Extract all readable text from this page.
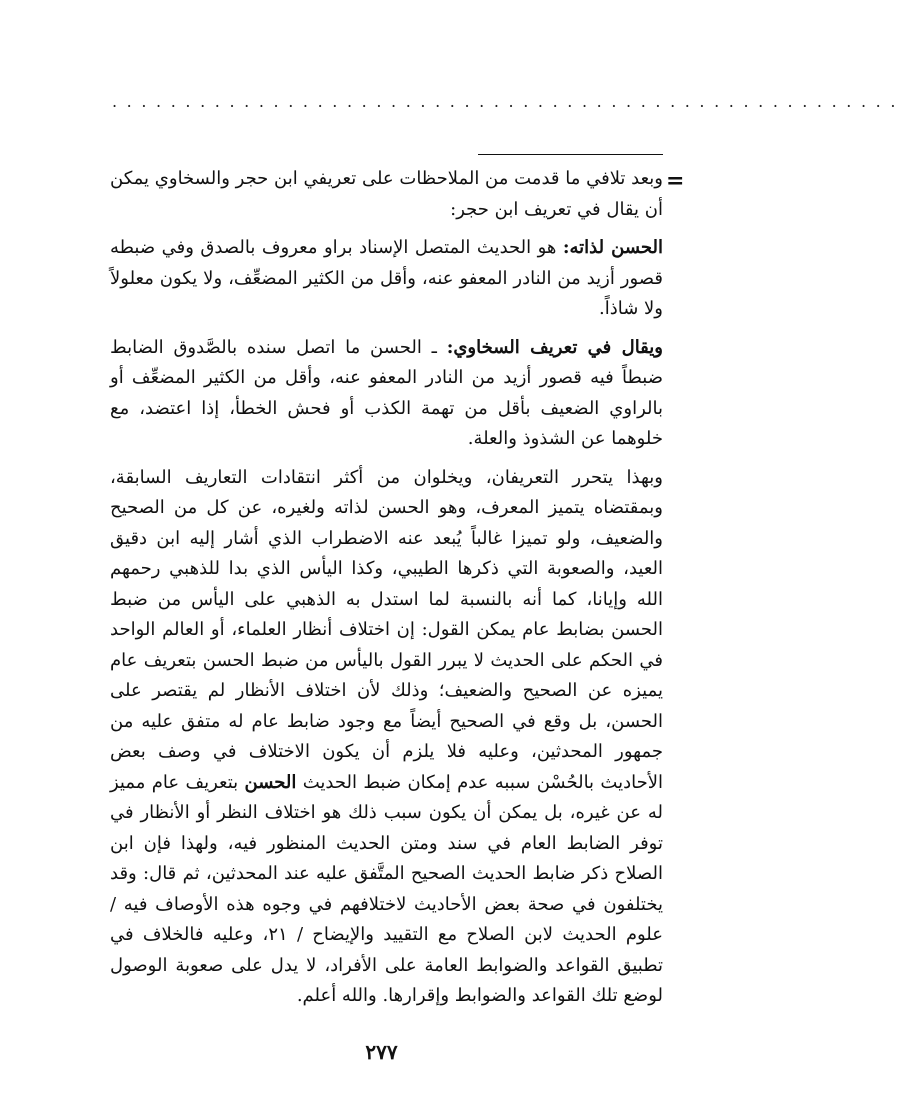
......................................................
=

وبعد تلافي ما قدمت من الملاحظات على تعريفي ابن حجر والسخاوي يمكن أن يقال في تعريف ابن حجر:

الحسن لذاته: هو الحديث المتصل الإسناد براو معروف بالصدق وفي ضبطه قصور أزيد من النادر المعفو عنه، وأقل من الكثير المضعِّف، ولا يكون معلولاً ولا شاذاً.

ويقال في تعريف السخاوي: ـ الحسن ما اتصل سنده بالصَّدوق الضابط ضبطاً فيه قصور أزيد من النادر المعفو عنه، وأقل من الكثير المضعِّف أو بالراوي الضعيف بأقل من تهمة الكذب أو فحش الخطأ، إذا اعتضد، مع خلوهما عن الشذوذ والعلة.

وبهذا يتحرر التعريفان، ويخلوان من أكثر انتقادات التعاريف السابقة، وبمقتضاه يتميز المعرف، وهو الحسن لذاته ولغيره، عن كل من الصحيح والضعيف، ولو تميزا غالباً يُبعد عنه الاضطراب الذي أشار إليه ابن دقيق العيد، والصعوبة التي ذكرها الطيبي، وكذا اليأس الذي بدا للذهبي رحمهم الله وإيانا، كما أنه بالنسبة لما استدل به الذهبي على اليأس من ضبط الحسن بضابط عام يمكن القول: إن اختلاف أنظار العلماء، أو العالم الواحد في الحكم على الحديث لا يبرر القول باليأس من ضبط الحسن بتعريف عام يميزه عن الصحيح والضعيف؛ وذلك لأن اختلاف الأنظار لم يقتصر على الحسن، بل وقع في الصحيح أيضاً مع وجود ضابط عام له متفق عليه من جمهور المحدثين، وعليه فلا يلزم أن يكون الاختلاف في وصف بعض الأحاديث بالحُسْن سببه عدم إمكان ضبط الحديث الحسن بتعريف عام مميز له عن غيره، بل يمكن أن يكون سبب ذلك هو اختلاف النظر أو الأنظار في توفر الضابط العام في سند ومتن الحديث المنظور فيه، ولهذا فإن ابن الصلاح ذكر ضابط الحديث الصحيح المتَّفق عليه عند المحدثين، ثم قال: وقد يختلفون في صحة بعض الأحاديث لاختلافهم في وجوه هذه الأوصاف فيه / علوم الحديث لابن الصلاح مع التقييد والإيضاح / ٢١، وعليه فالخلاف في تطبيق القواعد والضوابط العامة على الأفراد، لا يدل على صعوبة الوصول لوضع تلك القواعد والضوابط وإقرارها. والله أعلم.

٢٧٧
